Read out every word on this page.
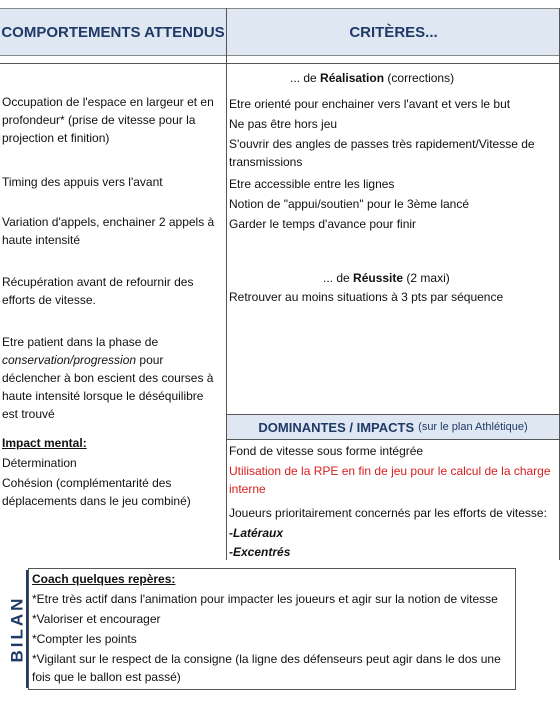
COMPORTEMENTS ATTENDUS	CRITÈRES...
Occupation de l'espace en largeur et en profondeur* (prise de vitesse pour la projection et finition)
Timing des appuis vers l'avant
Variation d'appels, enchainer 2 appels à haute intensité
Récupération avant de refournir des efforts de vitesse.
Etre patient dans la phase de conservation/progression pour déclencher à bon escient des courses à haute intensité lorsque le déséquilibre est trouvé
Impact mental:
Détermination
Cohésion (complémentarité des déplacements dans le jeu combiné)
... de Réalisation (corrections)
Etre orienté pour enchainer vers l'avant et vers le but
Ne pas être hors jeu
S'ouvrir des angles de passes très rapidement/Vitesse de transmissions
Etre accessible entre les lignes
Notion de "appui/soutien" pour le 3ème lancé
Garder le temps d'avance pour finir
... de Réussite (2 maxi)
Retrouver au moins situations à 3 pts par séquence
DOMINANTES / IMPACTS (sur le plan Athlétique)
Fond de vitesse sous forme intégrée
Utilisation de la RPE en fin de jeu pour le calcul de la charge interne
Joueurs prioritairement concernés par les efforts de vitesse:
-Latéraux
-Excentrés
BILAN
Coach quelques repères:
*Etre très actif dans l'animation pour impacter les joueurs et agir sur la notion de vitesse
*Valoriser et encourager
*Compter les points
*Vigilant sur le respect de la consigne (la ligne des défenseurs peut agir dans le dos une fois que le ballon est passé)
